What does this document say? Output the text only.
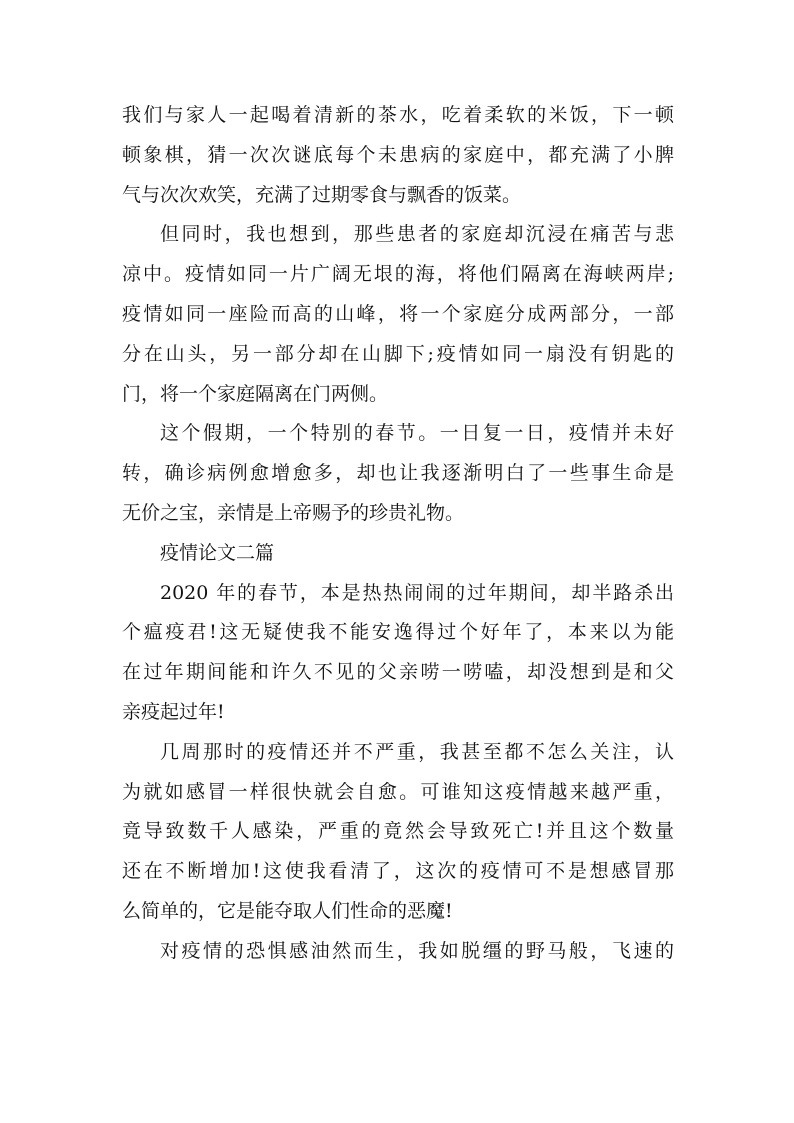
我们与家人一起喝着清新的茶水，吃着柔软的米饭，下一顿
顿象棋，猜一次次谜底每个未患病的家庭中，都充满了小脾
气与次次欢笑，充满了过期零食与飘香的饭菜。
但同时，我也想到，那些患者的家庭却沉浸在痛苦与悲
凉中。疫情如同一片广阔无垠的海，将他们隔离在海峡两岸;
疫情如同一座险而高的山峰，将一个家庭分成两部分，一部
分在山头，另一部分却在山脚下;疫情如同一扇没有钥匙的
门，将一个家庭隔离在门两侧。
这个假期，一个特别的春节。一日复一日，疫情并未好
转，确诊病例愈增愈多，却也让我逐渐明白了一些事生命是
无价之宝，亲情是上帝赐予的珍贵礼物。
疫情论文二篇
2020 年的春节，本是热热闹闹的过年期间，却半路杀出
个瘟疫君!这无疑使我不能安逸得过个好年了，本来以为能
在过年期间能和许久不见的父亲唠一唠嗑，却没想到是和父
亲疫起过年!
几周那时的疫情还并不严重，我甚至都不怎么关注，认
为就如感冒一样很快就会自愈。可谁知这疫情越来越严重，
竟导致数千人感染，严重的竟然会导致死亡!并且这个数量
还在不断增加!这使我看清了，这次的疫情可不是想感冒那
么简单的，它是能夺取人们性命的恶魔!
对疫情的恐惧感油然而生，我如脱缰的野马般，飞速的
